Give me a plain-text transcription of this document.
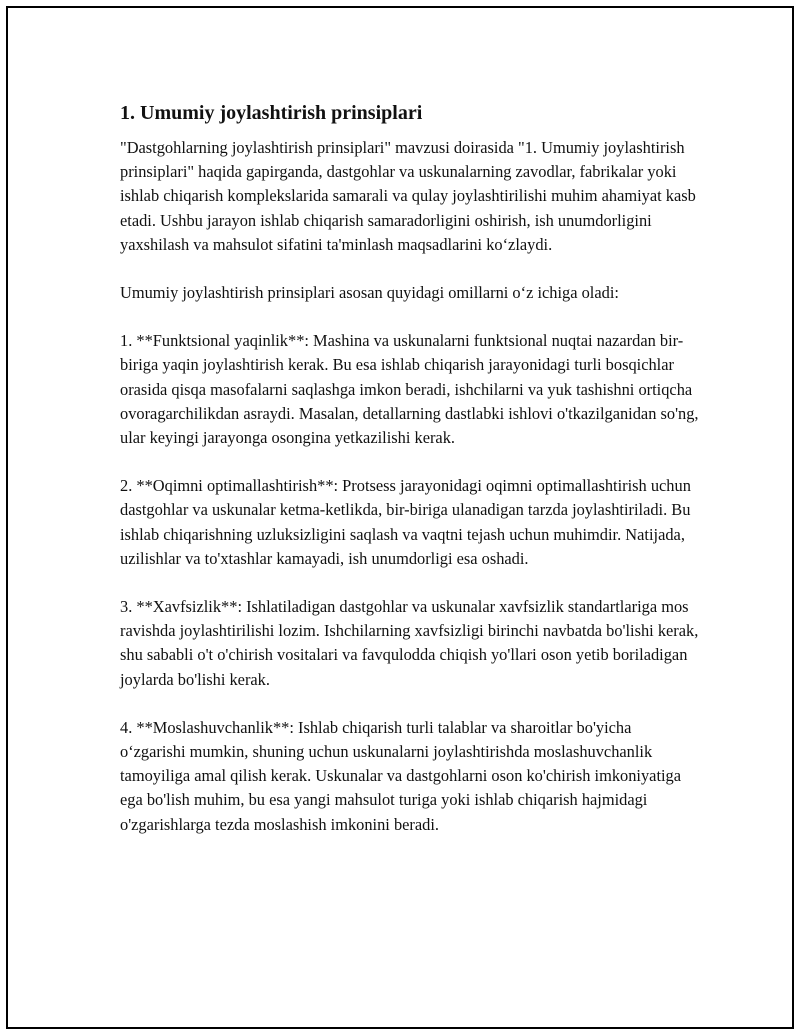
1. Umumiy joylashtirish prinsiplari

"Dastgohlarning joylashtirish prinsiplari" mavzusi doirasida "1. Umumiy joylashtirish prinsiplari" haqida gapirganda, dastgohlar va uskunalarning zavodlar, fabrikalar yoki ishlab chiqarish komplekslarida samarali va qulay joylashtirilishi muhim ahamiyat kasb etadi. Ushbu jarayon ishlab chiqarish samaradorligini oshirish, ish unumdorligini yaxshilash va mahsulot sifatini ta'minlash maqsadlarini ko‘zlaydi.

Umumiy joylashtirish prinsiplari asosan quyidagi omillarni o‘z ichiga oladi:

1. **Funktsional yaqinlik**: Mashina va uskunalarni funktsional nuqtai nazardan bir-biriga yaqin joylashtirish kerak. Bu esa ishlab chiqarish jarayonidagi turli bosqichlar orasida qisqa masofalarni saqlashga imkon beradi, ishchilarni va yuk tashishni ortiqcha ovoragarchilikdan asraydi. Masalan, detallarning dastlabki ishlovi o'tkazilganidan so'ng, ular keyingi jarayonga osongina yetkazilishi kerak.

2. **Oqimni optimallashtirish**: Protsess jarayonidagi oqimni optimallashtirish uchun dastgohlar va uskunalar ketma-ketlikda, bir-biriga ulanadigan tarzda joylashtiriladi. Bu ishlab chiqarishning uzluksizligini saqlash va vaqtni tejash uchun muhimdir. Natijada, uzilishlar va to'xtashlar kamayadi, ish unumdorligi esa oshadi.

3. **Xavfsizlik**: Ishlatiladigan dastgohlar va uskunalar xavfsizlik standartlariga mos ravishda joylashtirilishi lozim. Ishchilarning xavfsizligi birinchi navbatda bo'lishi kerak, shu sababli o't o'chirish vositalari va favqulodda chiqish yo'llari oson yetib boriladigan joylarda bo'lishi kerak.

4. **Moslashuvchanlik**: Ishlab chiqarish turli talablar va sharoitlar bo'yicha o‘zgarishi mumkin, shuning uchun uskunalarni joylashtirishda moslashuvchanlik tamoyiliga amal qilish kerak. Uskunalar va dastgohlarni oson ko'chirish imkoniyatiga ega bo'lish muhim, bu esa yangi mahsulot turiga yoki ishlab chiqarish hajmidagi o'zgarishlarga tezda moslashish imkonini beradi.
